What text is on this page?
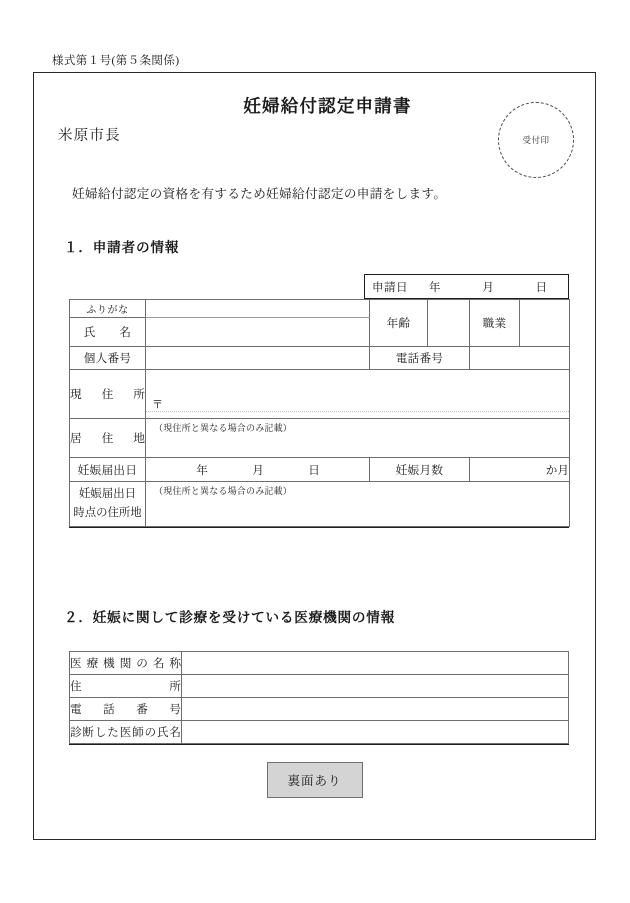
様式第１号(第５条関係)
妊婦給付認定申請書
米原市長	受付印
妊婦給付認定の資格を有するため妊婦給付認定の申請をします。
１．申請者の情報
申請日	年	月	日
ふりがな		年齢		職業	
氏　　名					
個人番号		電話番号			
現　住　所	〒				

居　住　地	（現住所と異なる場合のみ記載）				

妊娠届出日	年 月 日	妊娠月数		か月	

妊娠届出日
時点の住所地	（現住所と異なる場合のみ記載）				
２．妊娠に関して診療を受けている医療機関の情報
医療機関の名称	
住　　　　所	
電　話　番　号	
診断した医師の氏名	
裏面あり
